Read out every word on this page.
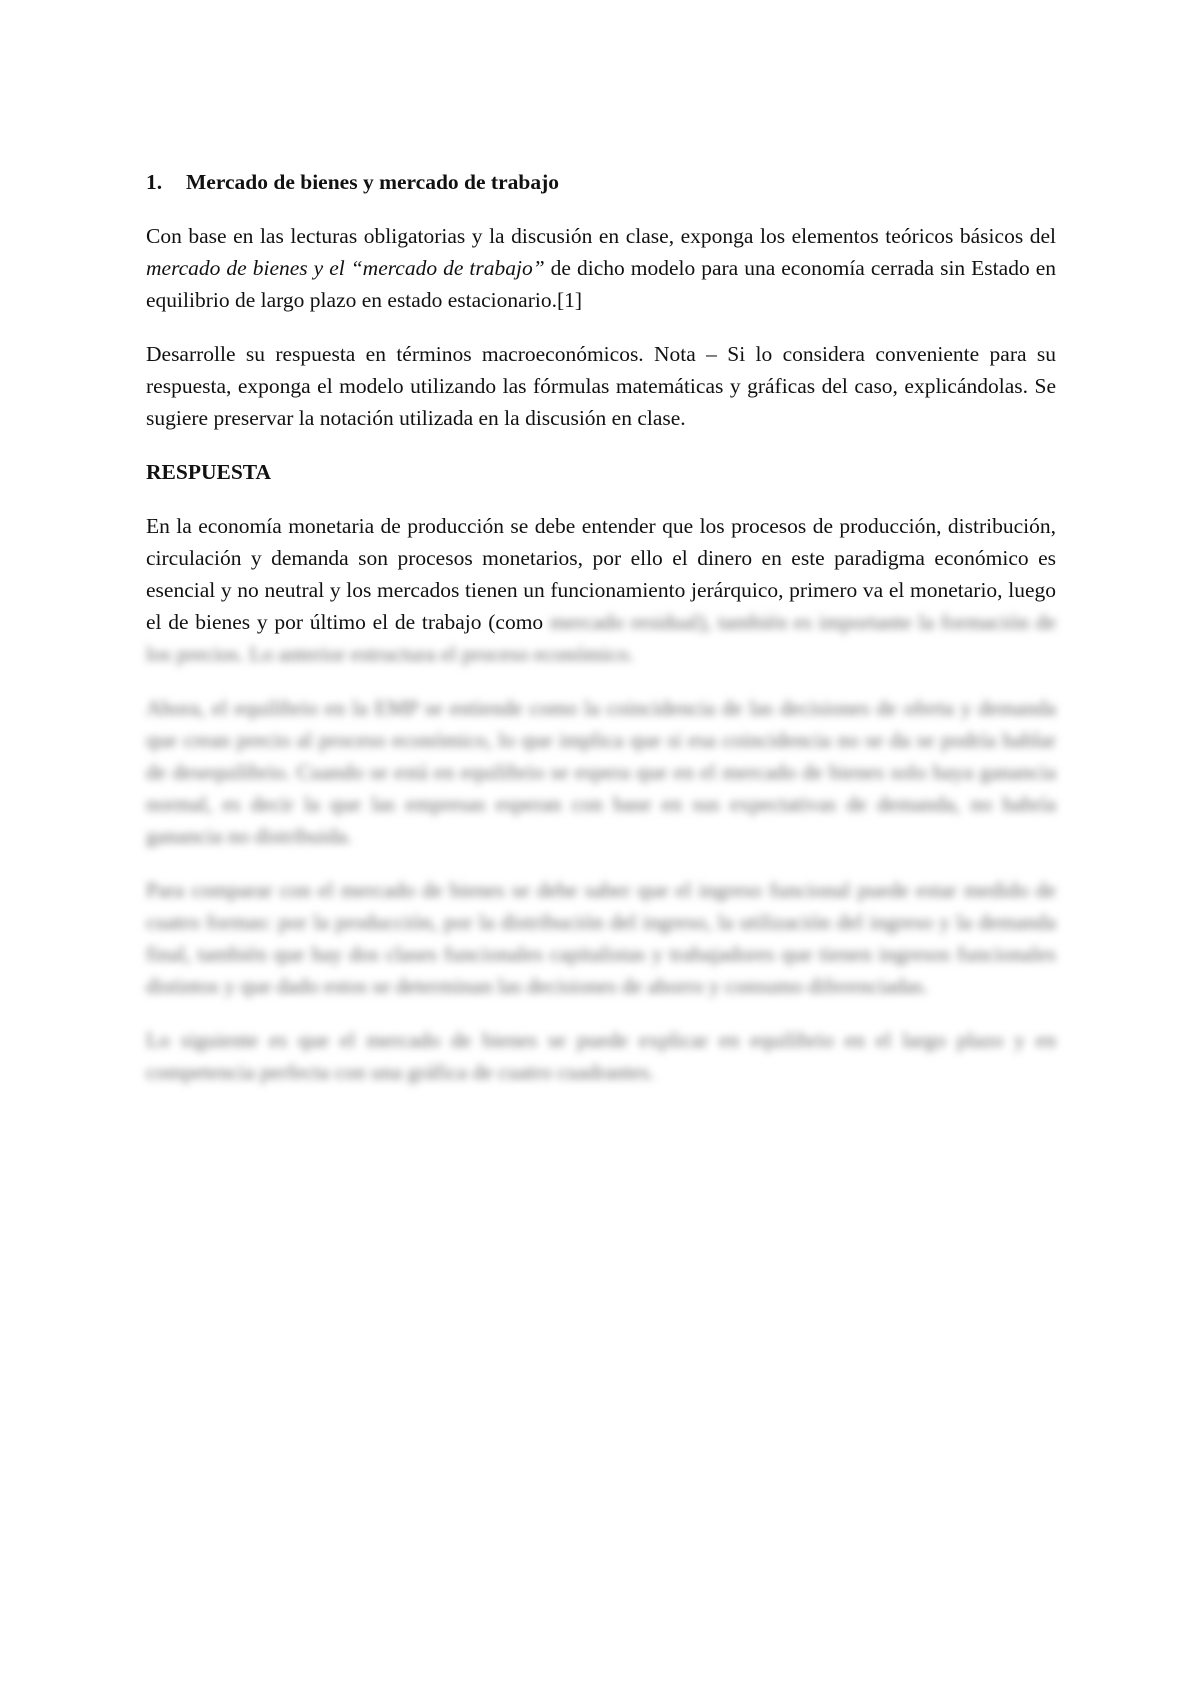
1.	Mercado de bienes y mercado de trabajo

Con base en las lecturas obligatorias y la discusión en clase, exponga los elementos teóricos básicos del mercado de bienes y el “mercado de trabajo” de dicho modelo para una economía cerrada sin Estado en equilibrio de largo plazo en estado estacionario.[1]

Desarrolle su respuesta en términos macroeconómicos. Nota – Si lo considera conveniente para su respuesta, exponga el modelo utilizando las fórmulas matemáticas y gráficas del caso, explicándolas. Se sugiere preservar la notación utilizada en la discusión en clase.

RESPUESTA

En la economía monetaria de producción se debe entender que los procesos de producción, distribución, circulación y demanda son procesos monetarios, por ello el dinero en este paradigma económico es esencial y no neutral y los mercados tienen un funcionamiento jerárquico, primero va el monetario, luego el de bienes y por último el de trabajo (como mercado residual), también es importante la formación de los precios. Lo anterior estructura el proceso económico.

Ahora, el equilibrio en la EMP se entiende como la coincidencia de las decisiones de oferta y demanda que crean precio al proceso económico, lo que implica que si esa coincidencia no se da se podría hablar de desequilibrio. Cuando se está en equilibrio se espera que en el mercado de bienes solo haya ganancia normal, es decir la que las empresas esperan con base en sus expectativas de demanda, no habría ganancia no distribuida.

Para comparar con el mercado de bienes se debe saber que el ingreso funcional puede estar medido de cuatro formas: por la producción, por la distribución del ingreso, la utilización del ingreso y la demanda final, también que hay dos clases funcionales capitalistas y trabajadores que tienen ingresos funcionales distintos y que dado estos se determinan las decisiones de ahorro y consumo diferenciadas.

Lo siguiente es que el mercado de bienes se puede explicar en equilibrio en el largo plazo y en competencia perfecta con una gráfica de cuatro cuadrantes.
